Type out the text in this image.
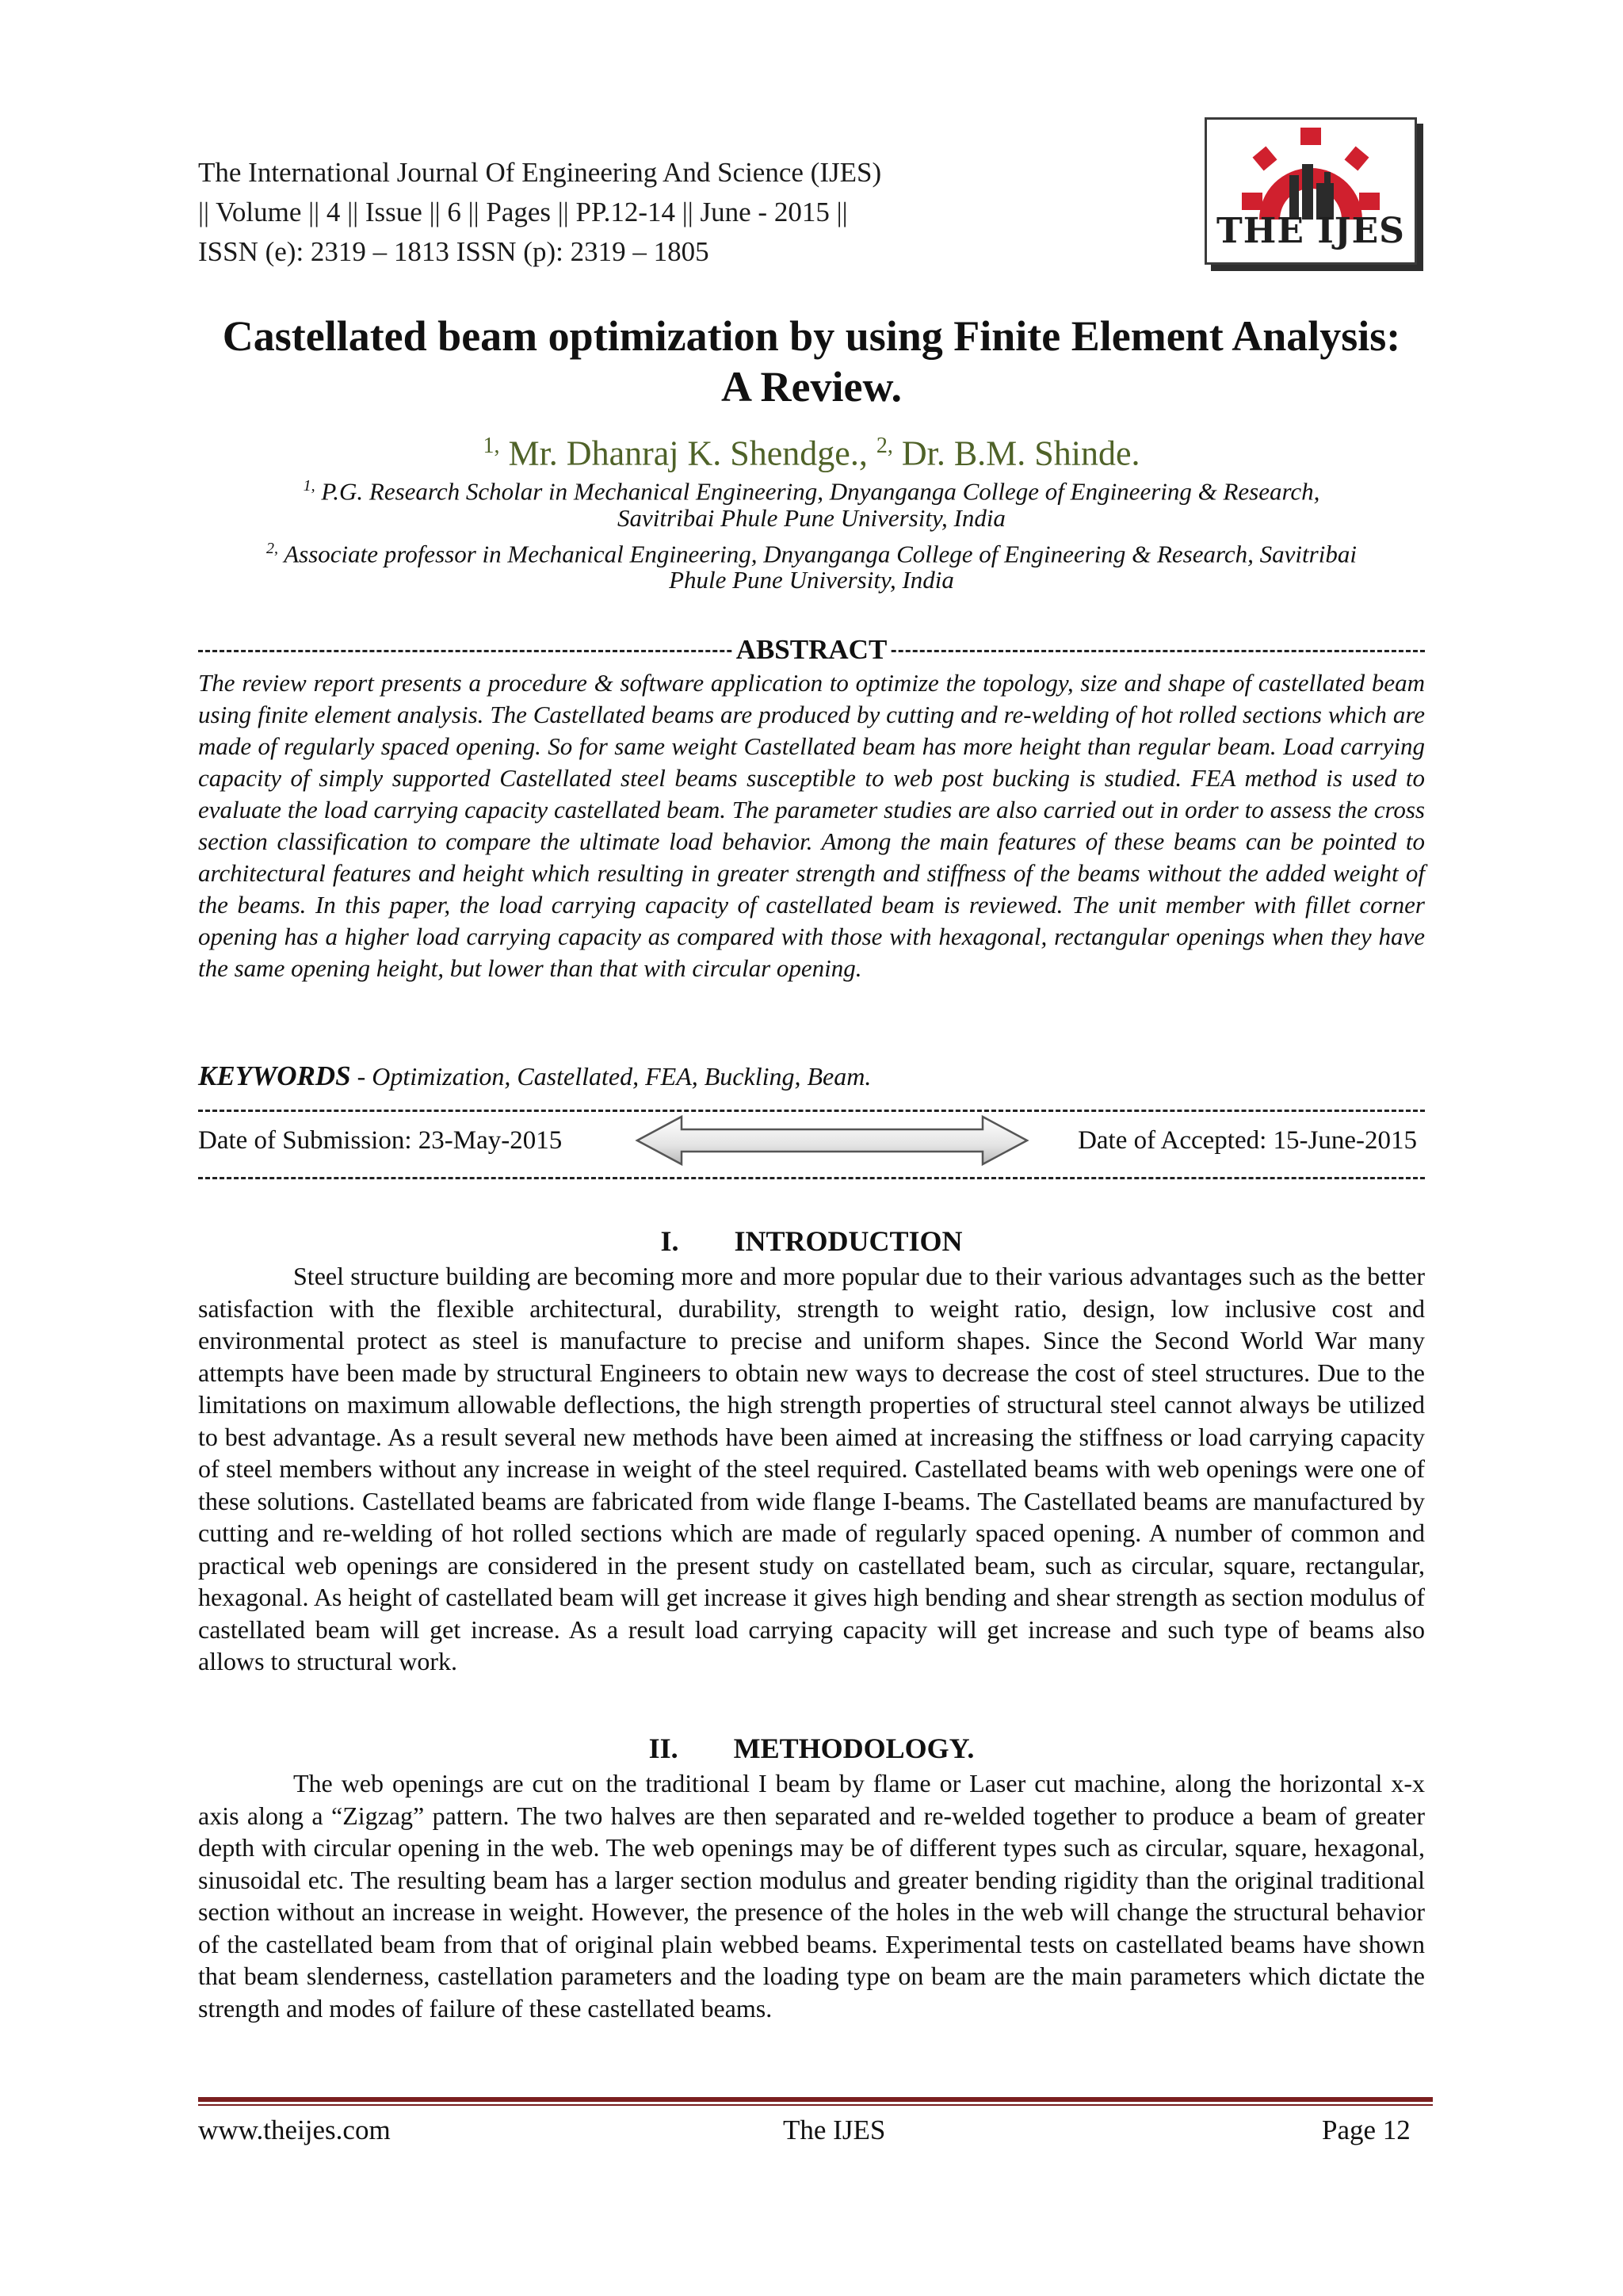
The International Journal Of Engineering And Science (IJES)
|| Volume || 4 || Issue || 6 || Pages || PP.12-14 || June - 2015 ||
ISSN (e): 2319 – 1813 ISSN (p): 2319 – 1805
THE IJES
Castellated beam optimization by using Finite Element Analysis:
A Review.
$^{1,}$ Mr. Dhanraj K. Shendge., $^{2,}$ Dr. B.M. Shinde.
$^{1,}$ P.G. Research Scholar in Mechanical Engineering, Dnyanganga College of Engineering & Research,
Savitribai Phule Pune University, India
$^{2,}$ Associate professor in Mechanical Engineering, Dnyanganga College of Engineering & Research, Savitribai
Phule Pune University, India
ABSTRACT
The review report presents a procedure & software application to optimize the topology, size and shape of castellated beam using finite element analysis. The Castellated beams are produced by cutting and re-welding of hot rolled sections which are made of regularly spaced opening. So for same weight Castellated beam has more height than regular beam. Load carrying capacity of simply supported Castellated steel beams susceptible to web post bucking is studied. FEA method is used to evaluate the load carrying capacity castellated beam. The parameter studies are also carried out in order to assess the cross section classification to compare the ultimate load behavior. Among the main features of these beams can be pointed to architectural features and height which resulting in greater strength and stiffness of the beams without the added weight of the beams. In this paper, the load carrying capacity of castellated beam is reviewed. The unit member with fillet corner opening has a higher load carrying capacity as compared with those with hexagonal, rectangular openings when they have the same opening height, but lower than that with circular opening.
KEYWORDS - Optimization, Castellated, FEA, Buckling, Beam.
Date of Submission: 23-May-2015	Date of Accepted: 15-June-2015
I. INTRODUCTION
Steel structure building are becoming more and more popular due to their various advantages such as the better satisfaction with the flexible architectural, durability, strength to weight ratio, design, low inclusive cost and environmental protect as steel is manufacture to precise and uniform shapes. Since the Second World War many attempts have been made by structural Engineers to obtain new ways to decrease the cost of steel structures. Due to the limitations on maximum allowable deflections, the high strength properties of structural steel cannot always be utilized to best advantage. As a result several new methods have been aimed at increasing the stiffness or load carrying capacity of steel members without any increase in weight of the steel required. Castellated beams with web openings were one of these solutions. Castellated beams are fabricated from wide flange I-beams. The Castellated beams are manufactured by cutting and re-welding of hot rolled sections which are made of regularly spaced opening. A number of common and practical web openings are considered in the present study on castellated beam, such as circular, square, rectangular, hexagonal. As height of castellated beam will get increase it gives high bending and shear strength as section modulus of castellated beam will get increase. As a result load carrying capacity will get increase and such type of beams also allows to structural work.
II. METHODOLOGY.
The web openings are cut on the traditional I beam by flame or Laser cut machine, along the horizontal x-x axis along a “Zigzag” pattern. The two halves are then separated and re-welded together to produce a beam of greater depth with circular opening in the web. The web openings may be of different types such as circular, square, hexagonal, sinusoidal etc. The resulting beam has a larger section modulus and greater bending rigidity than the original traditional section without an increase in weight. However, the presence of the holes in the web will change the structural behavior of the castellated beam from that of original plain webbed beams. Experimental tests on castellated beams have shown that beam slenderness, castellation parameters and the loading type on beam are the main parameters which dictate the strength and modes of failure of these castellated beams.
www.theijes.com	The IJES	Page 12
